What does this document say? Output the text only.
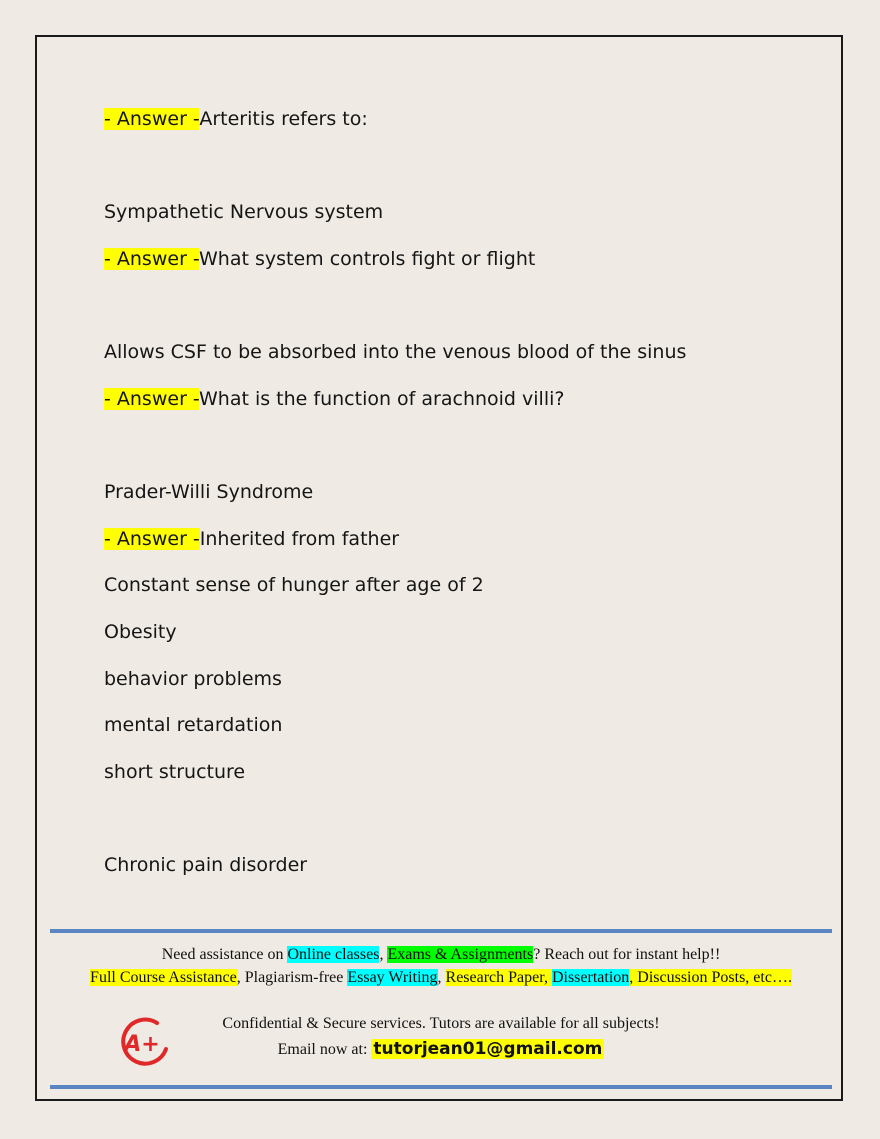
- Answer -Arteritis refers to:
Sympathetic Nervous system
- Answer -What system controls fight or flight
Allows CSF to be absorbed into the venous blood of the sinus
- Answer -What is the function of arachnoid villi?
Prader-Willi Syndrome
- Answer -Inherited from father
Constant sense of hunger after age of 2
Obesity
behavior problems
mental retardation
short structure
Chronic pain disorder
Need assistance on Online classes, Exams & Assignments? Reach out for instant help!!
Full Course Assistance, Plagiarism-free Essay Writing, Research Paper, Dissertation, Discussion Posts, etc….
A+
Confidential & Secure services. Tutors are available for all subjects!
Email now at: tutorjean01@gmail.com
